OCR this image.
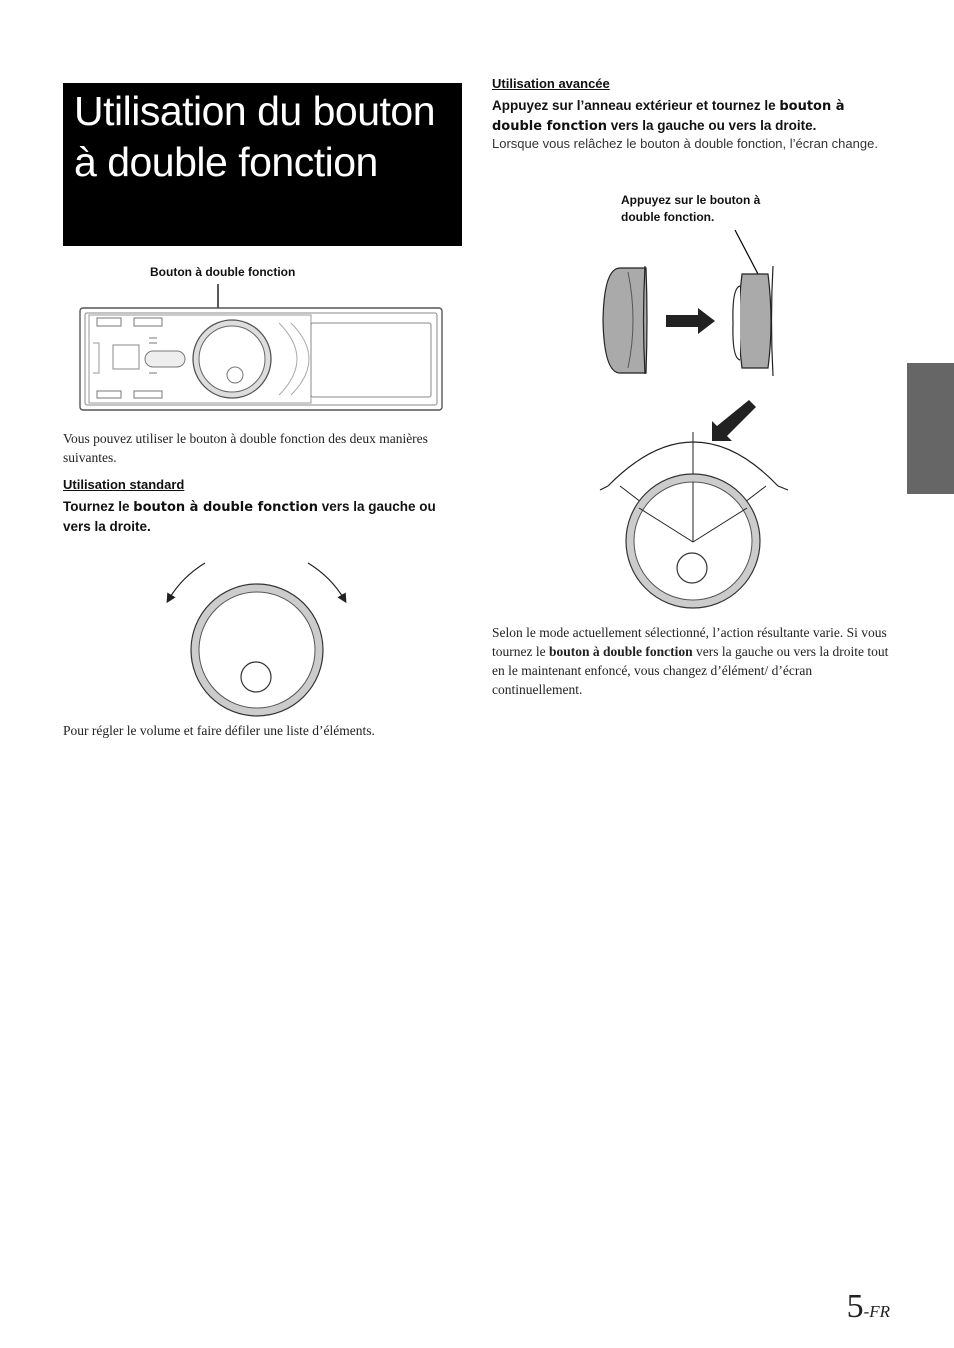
Utilisation du bouton à double fonction
Bouton à double fonction
Vous pouvez utiliser le bouton à double fonction des deux manières suivantes.
Utilisation standard
Tournez le bouton à double fonction vers la gauche ou vers la droite.
Pour régler le volume et faire défiler une liste d’éléments.
Utilisation avancée
Appuyez sur l’anneau extérieur et tournez le bouton à double fonction vers la gauche ou vers la droite.
Lorsque vous relâchez le bouton à double fonction, l’écran change.
Appuyez sur le bouton à double fonction.
Selon le mode actuellement sélectionné, l’action résultante varie. Si vous tournez le bouton à double fonction vers la gauche ou vers la droite tout en le maintenant enfoncé, vous changez d’élément/ d’écran continuellement.
5-FR
